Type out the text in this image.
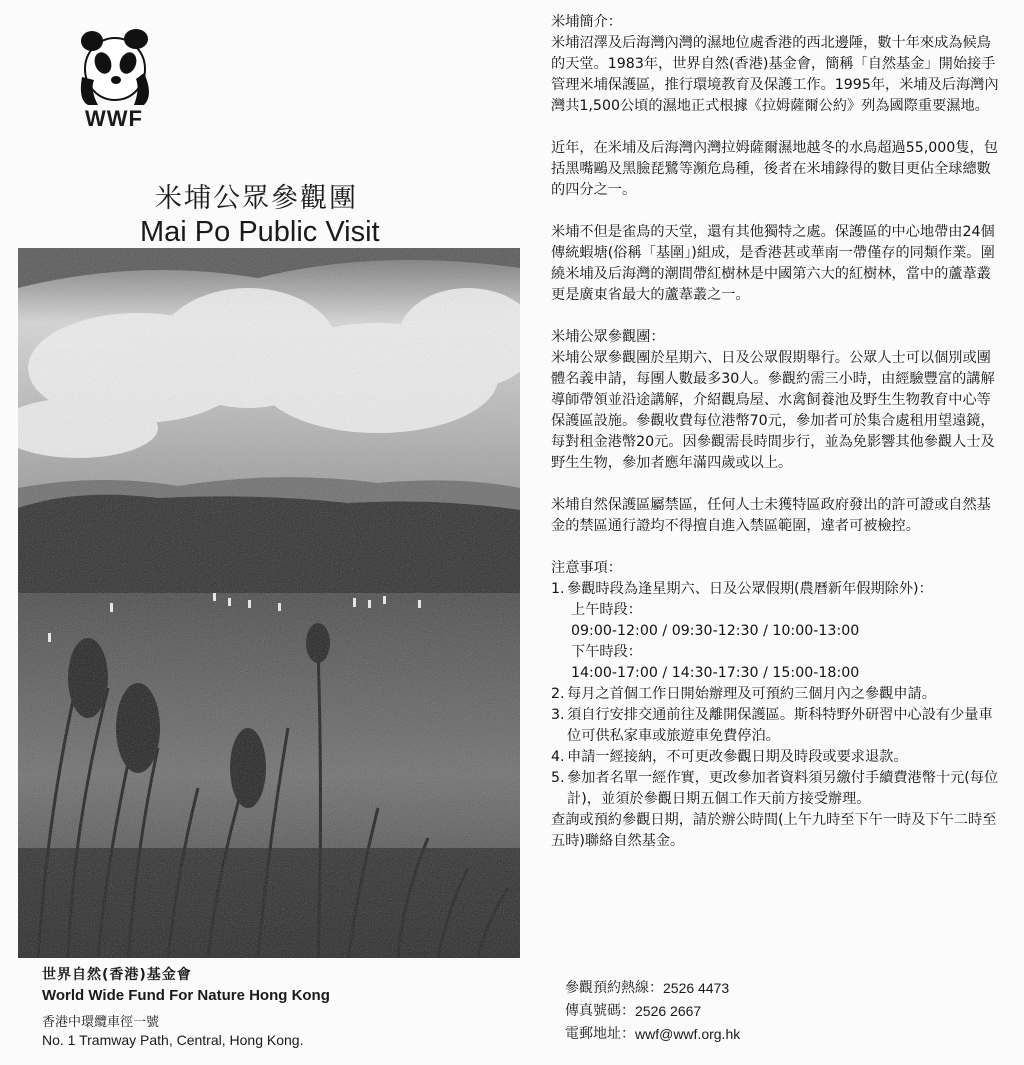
WWF
米埔公眾參觀團
Mai Po Public Visit
世界自然(香港)基金會
World Wide Fund For Nature Hong Kong
香港中環纜車徑一號
No. 1 Tramway Path, Central, Hong Kong.

米埔簡介：

米埔沼澤及后海灣內灣的濕地位處香港的西北邊陲，數十年來成為候鳥的天堂。1983年，世界自然(香港)基金會，簡稱「自然基金」開始接手管理米埔保護區，推行環境教育及保護工作。1995年，米埔及后海灣內灣共1,500公頃的濕地正式根據《拉姆薩爾公約》列為國際重要濕地。

近年，在米埔及后海灣內灣拉姆薩爾濕地越冬的水鳥超過55,000隻，包括黑嘴鷗及黑臉琵鷺等瀕危鳥種，後者在米埔錄得的數目更佔全球總數的四分之一。

米埔不但是雀鳥的天堂，還有其他獨特之處。保護區的中心地帶由24個傳統蝦塘(俗稱「基圍」)組成，是香港甚或華南一帶僅存的同類作業。圍繞米埔及后海灣的潮間帶紅樹林是中國第六大的紅樹林，當中的蘆葦叢更是廣東省最大的蘆葦叢之一。

米埔公眾參觀團：

米埔公眾參觀團於星期六、日及公眾假期舉行。公眾人士可以個別或團體名義申請，每團人數最多30人。參觀約需三小時，由經驗豐富的講解導師帶領並沿途講解，介紹觀鳥屋、水禽飼養池及野生生物教育中心等保護區設施。參觀收費每位港幣70元，參加者可於集合處租用望遠鏡，每對租金港幣20元。因參觀需長時間步行，並為免影響其他參觀人士及野生生物，參加者應年滿四歲或以上。

米埔自然保護區屬禁區，任何人士未獲特區政府發出的許可證或自然基金的禁區通行證均不得擅自進入禁區範圍，違者可被檢控。

注意事項：

1. 參觀時段為逢星期六、日及公眾假期(農曆新年假期除外)：
上午時段：
09:00-12:00 / 09:30-12:30 / 10:00-13:00
下午時段：
14:00-17:00 / 14:30-17:30 / 15:00-18:00
2. 每月之首個工作日開始辦理及可預約三個月內之參觀申請。
3. 須自行安排交通前往及離開保護區。斯科特野外研習中心設有少量車位可供私家車或旅遊車免費停泊。
4. 申請一經接納，不可更改參觀日期及時段或要求退款。
5. 參加者名單一經作實，更改參加者資料須另繳付手續費港幣十元(每位計)，並須於參觀日期五個工作天前方接受辦理。

查詢或預約參觀日期，請於辦公時間(上午九時至下午一時及下午二時至五時)聯絡自然基金。

參觀預約熱線： 2526 4473
傳真號碼： 2526 2667
電郵地址： wwf@wwf.org.hk
